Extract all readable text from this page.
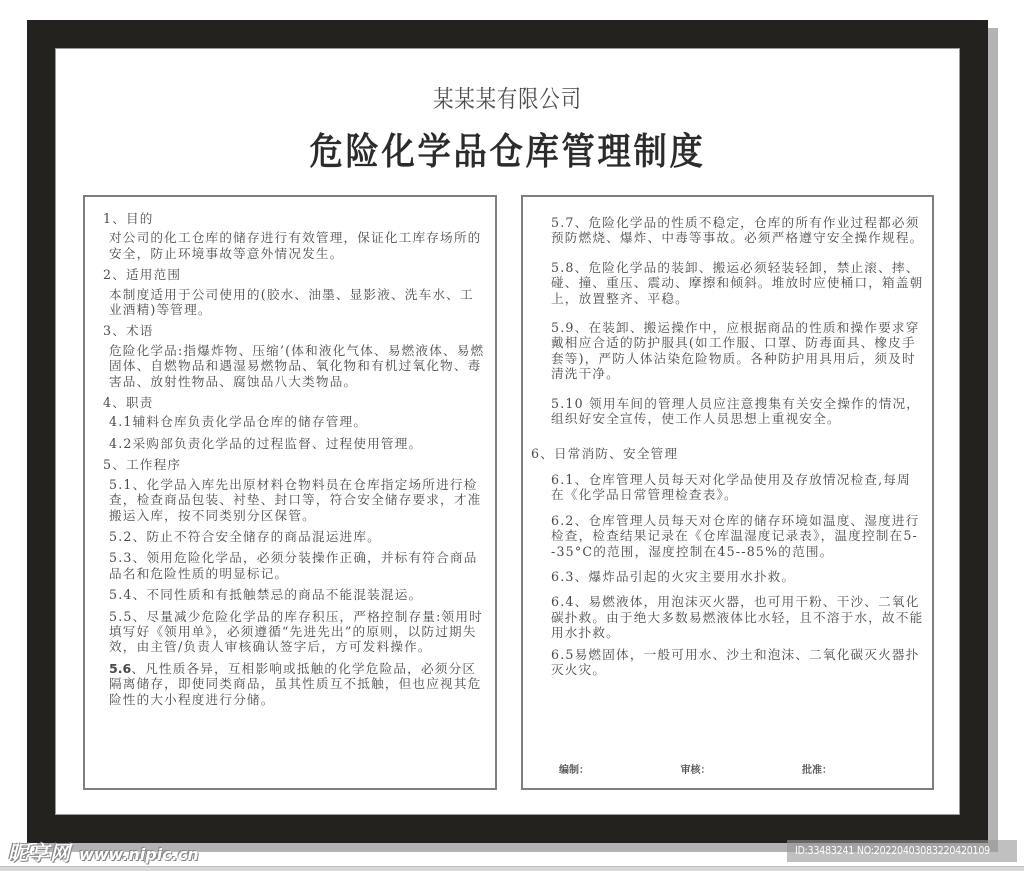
某某某有限公司
危险化学品仓库管理制度
1、目的
对公司的化工仓库的储存进行有效管理，保证化工库存场所的安全，防止环境事故等意外情况发生。
2、适用范围
本制度适用于公司使用的(胶水、油墨、显影液、洗车水、工业酒精)等管理。
3、术语
危险化学品:指爆炸物、压缩’(体和液化气体、易燃液体、易燃固体、自燃物品和遇湿易燃物品、氧化物和有机过氧化物、毒害品、放射性物品、腐蚀品八大类物品。
4、职责
4.1辅料仓库负责化学品仓库的储存管理。
4.2采购部负责化学品的过程监督、过程使用管理。
5、工作程序
5.1、化学品入库先出原材料仓物料员在仓库指定场所进行检查，检查商品包装、衬垫、封口等，符合安全储存要求，才准搬运入库，按不同类别分区保管。
5.2、防止不符合安全储存的商品混运进库。
5.3、领用危险化学品，必须分装操作正确，并标有符合商品品名和危险性质的明显标记。
5.4、不同性质和有抵触禁忌的商品不能混装混运。
5.5、尽量减少危险化学品的库存积压，严格控制存量:领用时填写好《领用单》，必须遵循“先进先出”的原则，以防过期失效，由主管/负责人审核确认签字后，方可发料操作。
5.6、凡性质各异，互相影响或抵触的化学危险品，必须分区隔离储存，即使同类商品，虽其性质互不抵触，但也应视其危险性的大小程度进行分储。
5.7、危险化学品的性质不稳定，仓库的所有作业过程都必须预防燃烧、爆炸、中毒等事故。必须严格遵守安全操作规程。
5.8、危险化学品的装卸、搬运必须轻装轻卸，禁止滚、摔、碰、撞、重压、震动、摩擦和倾斜。堆放时应使桶口，箱盖朝上，放置整齐、平稳。
5.9、在装卸、搬运操作中，应根据商品的性质和操作要求穿戴相应合适的防护服具(如工作服、口罩、防毒面具、橡皮手套等)，严防人体沾染危险物质。各种防护用具用后，须及时清洗干净。
5.10 领用车间的管理人员应注意搜集有关安全操作的情况，组织好安全宣传，使工作人员思想上重视安全。
6、日常消防、安全管理
6.1、仓库管理人员每天对化学品使用及存放情况检查,每周在《化学品日常管理检查表》。
6.2、仓库管理人员每天对仓库的储存环境如温度、湿度进行检查，检查结果记录在《仓库温湿度记录表》，温度控制在5--35°C的范围，湿度控制在45--85%的范围。
6.3、爆炸品引起的火灾主要用水扑救。
6.4、易燃液体，用泡沫灭火器，也可用干粉、干沙、二氧化碳扑救。由于绝大多数易燃液体比水轻，且不溶于水，故不能用水扑救。
6.5易燃固体，一般可用水、沙土和泡沫、二氧化碳灭火器扑灭火灾。
编制：	审核：	批准：
昵享网 www.nipic.cn	ID:33483241 NO:20220403083220420109
